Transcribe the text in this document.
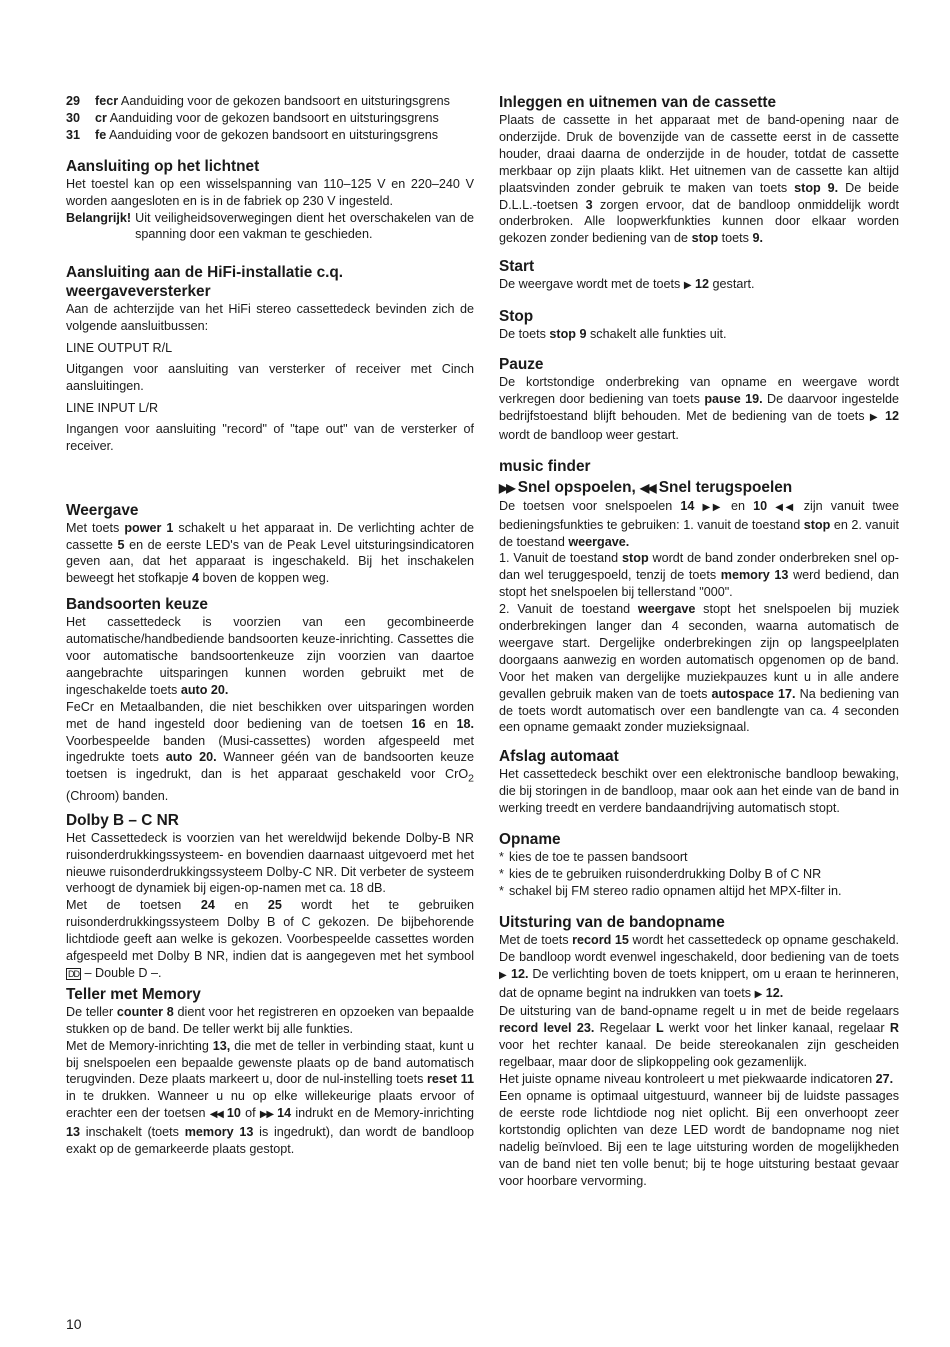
29	fecr Aanduiding voor de gekozen bandsoort en uitsturingsgrens
30	cr Aanduiding voor de gekozen bandsoort en uitsturingsgrens
31	fe Aanduiding voor de gekozen bandsoort en uitsturingsgrens
Aansluiting op het lichtnet

Het toestel kan op een wisselspanning van 110–125 V en 220–240 V worden aangesloten en is in de fabriek op 230 V ingesteld.

Belangrijk! Uit veiligheidsoverwegingen dient het overschakelen van de spanning door een vakman te geschieden.

Aansluiting aan de HiFi-installatie c.q. weergaveversterker

Aan de achterzijde van het HiFi stereo cassettedeck bevinden zich de volgende aansluitbussen:

LINE OUTPUT R/L

Uitgangen voor aansluiting van versterker of receiver met Cinch aansluitingen.

LINE INPUT L/R

Ingangen voor aansluiting "record" of "tape out" van de versterker of receiver.

Weergave

Met toets power 1 schakelt u het apparaat in. De verlichting achter de cassette 5 en de eerste LED's van de Peak Level uitsturingsindicatoren geven aan, dat het apparaat is ingeschakeld. Bij het inschakelen beweegt het stofkapje 4 boven de koppen weg.

Bandsoorten keuze

Het cassettedeck is voorzien van een gecombineerde automatische/handbediende bandsoorten keuze-inrichting. Cassettes die voor automatische bandsoortenkeuze zijn voorzien van daartoe aangebrachte uitsparingen kunnen worden gebruikt met de ingeschakelde toets auto 20.

FeCr en Metaalbanden, die niet beschikken over uitsparingen worden met de hand ingesteld door bediening van de toetsen 16 en 18. Voorbespeelde banden (Musi-cassettes) worden afgespeeld met ingedrukte toets auto 20. Wanneer géén van de bandsoorten keuze toetsen is ingedrukt, dan is het apparaat geschakeld voor CrO$_2$ (Chroom) banden.

Dolby B – C NR

Het Cassettedeck is voorzien van het wereldwijd bekende Dolby-B NR ruisonderdrukkingssysteem- en bovendien daarnaast uitgevoerd met het nieuwe ruisonderdrukkingssysteem Dolby-C NR. Dit verbeter de systeem verhoogt de dynamiek bij eigen-op-namen met ca. 18 dB.

Met de toetsen 24 en 25 wordt het te gebruiken ruisonderdrukkingssysteem Dolby B of C gekozen. De bijbehorende lichtdiode geeft aan welke is gekozen. Voorbespeelde cassettes worden afgespeeld met Dolby B NR, indien dat is aangegeven met het symbool DD – Double D –.

Teller met Memory

De teller counter 8 dient voor het registreren en opzoeken van bepaalde stukken op de band. De teller werkt bij alle funkties.

Met de Memory-inrichting 13, die met de teller in verbinding staat, kunt u bij snelspoelen een bepaalde gewenste plaats op de band automatisch terugvinden. Deze plaats markeert u, door de nul-instelling toets reset 11 in te drukken. Wanneer u nu op elke willekeurige plaats ervoor of erachter een der toetsen ◀◀ 10 of ▶▶ 14 indrukt en de Memory-inrichting 13 inschakelt (toets memory 13 is ingedrukt), dan wordt de bandloop exakt op de gemarkeerde plaats gestopt.

Inleggen en uitnemen van de cassette

Plaats de cassette in het apparaat met de band-opening naar de onderzijde. Druk de bovenzijde van de cassette eerst in de cassette houder, draai daarna de onderzijde in de houder, totdat de cassette merkbaar op zijn plaats klikt. Het uitnemen van de cassette kan altijd plaatsvinden zonder gebruik te maken van toets stop 9. De beide D.L.L.-toetsen 3 zorgen ervoor, dat de bandloop onmiddelijk wordt onderbroken. Alle loopwerkfunkties kunnen door elkaar worden gekozen zonder bediening van de stop toets 9.

Start

De weergave wordt met de toets ▶ 12 gestart.

Stop

De toets stop 9 schakelt alle funkties uit.

Pauze

De kortstondige onderbreking van opname en weergave wordt verkregen door bediening van toets pause 19. De daarvoor ingestelde bedrijfstoestand blijft behouden. Met de bediening van de toets ▶ 12 wordt de bandloop weer gestart.

music finder
▶▶ Snel opspoelen, ◀◀ Snel terugspoelen

De toetsen voor snelspoelen 14 ▶▶ en 10 ◀◀ zijn vanuit twee bedieningsfunkties te gebruiken: 1. vanuit de toestand stop en 2. vanuit de toestand weergave.

1. Vanuit de toestand stop wordt de band zonder onderbreken snel op- dan wel teruggespoeld, tenzij de toets memory 13 werd bediend, dan stopt het snelspoelen bij tellerstand "000".

2. Vanuit de toestand weergave stopt het snelspoelen bij muziek onderbrekingen langer dan 4 seconden, waarna automatisch de weergave start. Dergelijke onderbrekingen zijn op langspeelplaten doorgaans aanwezig en worden automatisch opgenomen op de band. Voor het maken van dergelijke muziekpauzes kunt u in alle andere gevallen gebruik maken van de toets autospace 17. Na bediening van de toets wordt automatisch over een bandlengte van ca. 4 seconden een opname gemaakt zonder muzieksignaal.

Afslag automaat

Het cassettedeck beschikt over een elektronische bandloop bewaking, die bij storingen in de bandloop, maar ook aan het einde van de band in werking treedt en verdere bandaandrijving automatisch stopt.

Opname
* kies de toe te passen bandsoort
* kies de te gebruiken ruisonderdrukking Dolby B of C NR
* schakel bij FM stereo radio opnamen altijd het MPX-filter in.
Uitsturing van de bandopname

Met de toets record 15 wordt het cassettedeck op opname geschakeld. De bandloop wordt evenwel ingeschakeld, door bediening van de toets ▶ 12. De verlichting boven de toets knippert, om u eraan te herinneren, dat de opname begint na indrukken van toets ▶ 12.

De uitsturing van de band-opname regelt u in met de beide regelaars record level 23. Regelaar L werkt voor het linker kanaal, regelaar R voor het rechter kanaal. De beide stereokanalen zijn gescheiden regelbaar, maar door de slipkoppeling ook gezamenlijk.

Het juiste opname niveau kontroleert u met piekwaarde indicatoren 27.

Een opname is optimaal uitgestuurd, wanneer bij de luidste passages de eerste rode lichtdiode nog niet oplicht. Bij een onverhoopt zeer kortstondig oplichten van deze LED wordt de bandopname nog niet nadelig beïnvloed. Bij een te lage uitsturing worden de mogelijkheden van de band niet ten volle benut; bij te hoge uitsturing bestaat gevaar voor hoorbare vervorming.

10
